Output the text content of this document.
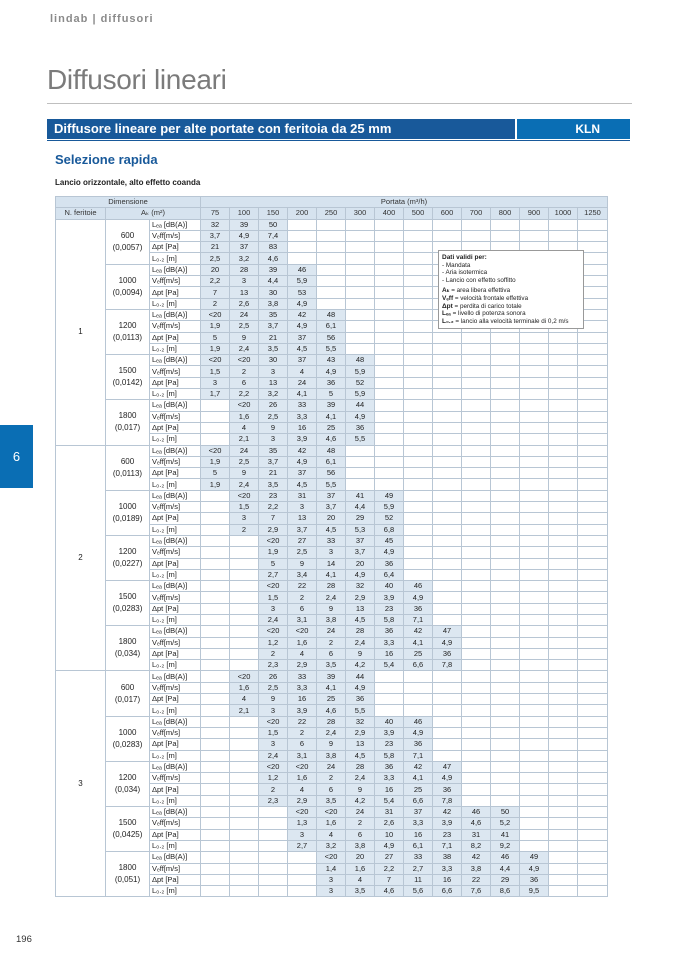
lindab | diffusori
Diffusori lineari
Diffusore lineare per alte portate con feritoia da 25 mm	KLN
Selezione rapida
Lancio orizzontale, alto effetto coanda
Dimensione			Portata (m³/h)													
N. feritoie	Aₖ (m²)		75	100	150	200	250	300	400	500	600	700	800	900	1000	1250
1	600
(0,0057)	Lₑₐ [dB(A)]	32	39	50											
		Vₑff[m/s]	3,7	4,9	7,4											
		Δpt [Pa]	21	37	83											
		L₀.₂ [m]	2,5	3,2	4,6											

	1000
(0,0094)	Lₑₐ [dB(A)]	20	28	39	46										
		Vₑff[m/s]	2,2	3	4,4	5,9										
		Δpt [Pa]	7	13	30	53										
		L₀.₂ [m]	2	2,6	3,8	4,9										

	1200
(0,0113)	Lₑₐ [dB(A)]	<20	24	35	42	48									
		Vₑff[m/s]	1,9	2,5	3,7	4,9	6,1									
		Δpt [Pa]	5	9	21	37	56									
		L₀.₂ [m]	1,9	2,4	3,5	4,5	5,5									

	1500
(0,0142)	Lₑₐ [dB(A)]	<20	<20	30	37	43	48								
		Vₑff[m/s]	1,5	2	3	4	4,9	5,9								
		Δpt [Pa]	3	6	13	24	36	52								
		L₀.₂ [m]	1,7	2,2	3,2	4,1	5	5,9								

	1800
(0,017)	Lₑₐ [dB(A)]		<20	26	33	39	44								
		Vₑff[m/s]		1,6	2,5	3,3	4,1	4,9								
		Δpt [Pa]		4	9	16	25	36								
		L₀.₂ [m]		2,1	3	3,9	4,6	5,5								
2	600
(0,0113)	Lₑₐ [dB(A)]	<20	24	35	42	48									
		Vₑff[m/s]	1,9	2,5	3,7	4,9	6,1									
		Δpt [Pa]	5	9	21	37	56									
		L₀.₂ [m]	1,9	2,4	3,5	4,5	5,5									

	1000
(0,0189)	Lₑₐ [dB(A)]		<20	23	31	37	41	49							
		Vₑff[m/s]		1,5	2,2	3	3,7	4,4	5,9							
		Δpt [Pa]		3	7	13	20	29	52							
		L₀.₂ [m]		2	2,9	3,7	4,5	5,3	6,8							

	1200
(0,0227)	Lₑₐ [dB(A)]			<20	27	33	37	45							
		Vₑff[m/s]			1,9	2,5	3	3,7	4,9							
		Δpt [Pa]			5	9	14	20	36							
		L₀.₂ [m]			2,7	3,4	4,1	4,9	6,4							

	1500
(0,0283)	Lₑₐ [dB(A)]			<20	22	28	32	40	46						
		Vₑff[m/s]			1,5	2	2,4	2,9	3,9	4,9						
		Δpt [Pa]			3	6	9	13	23	36						
		L₀.₂ [m]			2,4	3,1	3,8	4,5	5,8	7,1						

	1800
(0,034)	Lₑₐ [dB(A)]			<20	<20	24	28	36	42	47					
		Vₑff[m/s]			1,2	1,6	2	2,4	3,3	4,1	4,9					
		Δpt [Pa]			2	4	6	9	16	25	36					
		L₀.₂ [m]			2,3	2,9	3,5	4,2	5,4	6,6	7,8					
3	600
(0,017)	Lₑₐ [dB(A)]		<20	26	33	39	44								
		Vₑff[m/s]		1,6	2,5	3,3	4,1	4,9								
		Δpt [Pa]		4	9	16	25	36								
		L₀.₂ [m]		2,1	3	3,9	4,6	5,5								

	1000
(0,0283)	Lₑₐ [dB(A)]			<20	22	28	32	40	46						
		Vₑff[m/s]			1,5	2	2,4	2,9	3,9	4,9						
		Δpt [Pa]			3	6	9	13	23	36						
		L₀.₂ [m]			2,4	3,1	3,8	4,5	5,8	7,1						

	1200
(0,034)	Lₑₐ [dB(A)]			<20	<20	24	28	36	42	47					
		Vₑff[m/s]			1,2	1,6	2	2,4	3,3	4,1	4,9					
		Δpt [Pa]			2	4	6	9	16	25	36					
		L₀.₂ [m]			2,3	2,9	3,5	4,2	5,4	6,6	7,8					

	1500
(0,0425)	Lₑₐ [dB(A)]				<20	<20	24	31	37	42	46	50			
		Vₑff[m/s]				1,3	1,6	2	2,6	3,3	3,9	4,6	5,2			
		Δpt [Pa]				3	4	6	10	16	23	31	41			
		L₀.₂ [m]				2,7	3,2	3,8	4,9	6,1	7,1	8,2	9,2			

	1800
(0,051)	Lₑₐ [dB(A)]					<20	20	27	33	38	42	46	49		
		Vₑff[m/s]					1,4	1,6	2,2	2,7	3,3	3,8	4,4	4,9		
		Δpt [Pa]					3	4	7	11	16	22	29	36		
		L₀.₂ [m]					3	3,5	4,6	5,6	6,6	7,6	8,6	9,5		
Dati validi per:
- Mandata
- Aria isotermica
- Lancio con effetto soffitto
Aₖ = area libera effettiva
Vₑff = velocità frontale effettiva
Δpt = perdita di carico totale
Lₑₐ = livello di potenza sonora
L₀.₂ = lancio alla velocità terminale di 0,2 m/s
6
196
